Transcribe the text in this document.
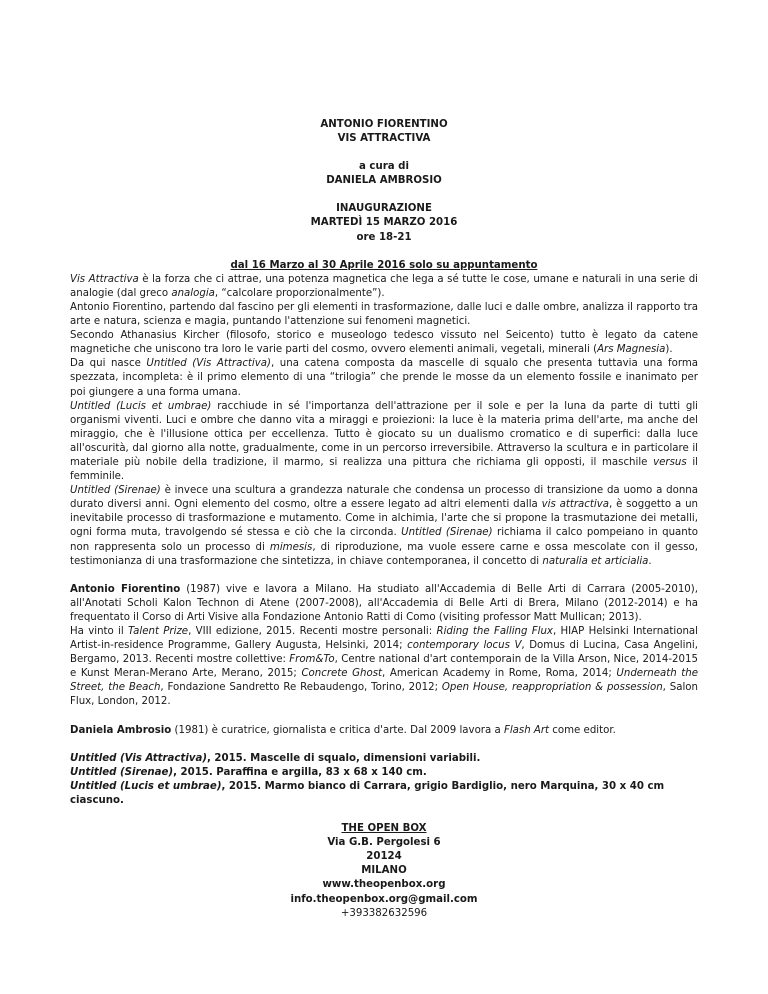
ANTONIO FIORENTINO

VIS ATTRACTIVA

a cura di

DANIELA AMBROSIO

INAUGURAZIONE

MARTEDÌ 15 MARZO 2016

ore 18-21

dal 16 Marzo al 30 Aprile 2016 solo su appuntamento

Vis Attractiva è la forza che ci attrae, una potenza magnetica che lega a sé tutte le cose, umane e naturali in una serie di analogie (dal greco analogia, “calcolare proporzionalmente”).

Antonio Fiorentino, partendo dal fascino per gli elementi in trasformazione, dalle luci e dalle ombre, analizza il rapporto tra arte e natura, scienza e magia, puntando l'attenzione sui fenomeni magnetici.

Secondo Athanasius Kircher (filosofo, storico e museologo tedesco vissuto nel Seicento) tutto è legato da catene magnetiche che uniscono tra loro le varie parti del cosmo, ovvero elementi animali, vegetali, minerali (Ars Magnesia).

Da qui nasce Untitled (Vis Attractiva), una catena composta da mascelle di squalo che presenta tuttavia una forma spezzata, incompleta: è il primo elemento di una “trilogia” che prende le mosse da un elemento fossile e inanimato per poi giungere a una forma umana.

Untitled (Lucis et umbrae) racchiude in sé l'importanza dell'attrazione per il sole e per la luna da parte di tutti gli organismi viventi. Luci e ombre che danno vita a miraggi e proiezioni: la luce è la materia prima dell'arte, ma anche del miraggio, che è l'illusione ottica per eccellenza. Tutto è giocato su un dualismo cromatico e di superfici: dalla luce all'oscurità, dal giorno alla notte, gradualmente, come in un percorso irreversibile. Attraverso la scultura e in particolare il materiale più nobile della tradizione, il marmo, si realizza una pittura che richiama gli opposti, il maschile versus il femminile.

Untitled (Sirenae) è invece una scultura a grandezza naturale che condensa un processo di transizione da uomo a donna durato diversi anni. Ogni elemento del cosmo, oltre a essere legato ad altri elementi dalla vis attractiva, è soggetto a un inevitabile processo di trasformazione e mutamento. Come in alchimia, l'arte che si propone la trasmutazione dei metalli, ogni forma muta, travolgendo sé stessa e ciò che la circonda. Untitled (Sirenae) richiama il calco pompeiano in quanto non rappresenta solo un processo di mimesis, di riproduzione, ma vuole essere carne e ossa mescolate con il gesso, testimonianza di una trasformazione che sintetizza, in chiave contemporanea, il concetto di naturalia et articialia.

Antonio Fiorentino (1987) vive e lavora a Milano. Ha studiato all'Accademia di Belle Arti di Carrara (2005-2010), all'Anotati Scholi Kalon Technon di Atene (2007-2008), all'Accademia di Belle Arti di Brera, Milano (2012-2014) e ha frequentato il Corso di Arti Visive alla Fondazione Antonio Ratti di Como (visiting professor Matt Mullican; 2013).

Ha vinto il Talent Prize, VIII edizione, 2015. Recenti mostre personali: Riding the Falling Flux, HIAP Helsinki International Artist-in-residence Programme, Gallery Augusta, Helsinki, 2014; contemporary locus V, Domus di Lucina, Casa Angelini, Bergamo, 2013. Recenti mostre collettive: From&To, Centre national d'art contemporain de la Villa Arson, Nice, 2014-2015 e Kunst Meran-Merano Arte, Merano, 2015; Concrete Ghost, American Academy in Rome, Roma, 2014; Underneath the Street, the Beach, Fondazione Sandretto Re Rebaudengo, Torino, 2012; Open House, reappropriation & possession, Salon Flux, London, 2012.

Daniela Ambrosio (1981) è curatrice, giornalista e critica d'arte. Dal 2009 lavora a Flash Art come editor.

Untitled (Vis Attractiva), 2015. Mascelle di squalo, dimensioni variabili.

Untitled (Sirenae), 2015. Paraffina e argilla, 83 x 68 x 140 cm.

Untitled (Lucis et umbrae), 2015. Marmo bianco di Carrara, grigio Bardiglio, nero Marquina, 30 x 40 cm ciascuno.

THE OPEN BOX

Via G.B. Pergolesi 6

20124

MILANO

www.theopenbox.org

info.theopenbox.org@gmail.com

+393382632596
